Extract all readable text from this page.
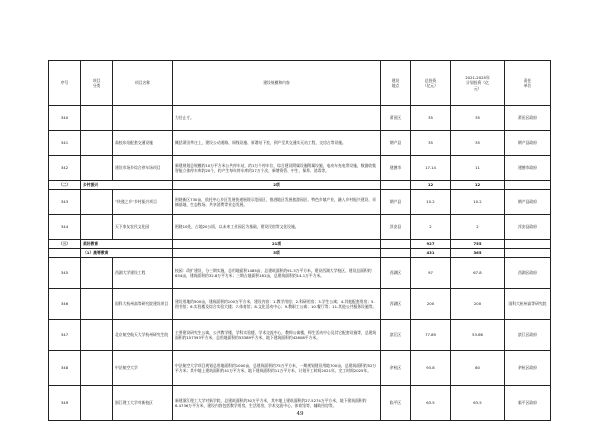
序号	项目
分类	项目名称	建设规模和内容	建设
地点	总投资
（亿元）	2021-2025年
计划投资（亿
元）	责任
单位
340			力任止寸。	莆田区	35	35	莆田区政府
341		高校东站配套交通设施	概括莆田莘庄上，建设公动道路、网线设施、原谱站下室，到产至其交通实无站工程，交房占等设施。	钢产县	35	35	钢产县政府
342		建设市场乡综合停车场项目	新建规划总规模约10万平方米公共停车站，约1万个停车位，综合建设附属设施附属设施，电动车充电等设施，数据收集智能立体停车库约20个，约产生每年停车库约27万个次，新增资管、中生、保养、消毒等。	建德市	17.14	11	建德市政府
（二）	乡村振兴		2项		12	12	
343		“快递之乡”乡村振兴项目	围绕新区730亩，依托中心乡区发展快递展现示范园区，推进地区发展旅游园区、特色乡镇产业，融入乡村振兴建设、采摘基地、生态牧场、共享消费等业态发展。	钢产县	10.2	10.2	钢产县政府
344		天下家友农民文化园	围绕10处，占地20公顷，以未来工业园区为基础，建设民宿等文化设施。	淳安县	2	2	淳安县政府
（三）	美好教育		21项		927	755	
	（1）高等教育		5项		431	365	
345		西湖大学建设工程	校园：改扩建设，分三期实施，总用地面积1485亩，总建筑面积约91.3万平方米，建设西湖大学校区，建设总面积约634亩，建筑面积约32.8万平方米；三期占地面积181亩，总建筑面积约14.1万平方米。	西湖区	97	67.8	西湖区政府
346		国科大杭州高等研究院建设项目	建设用地约500亩，建筑面积约100万平方米，建设内容：1.教学用房；2.科研用房；3.学生公寓；4.其他配套用房；5.图书馆；6.实验楼及综合实验大楼；7.体育馆；8.文化活动中心；9.教职工公寓；10.餐厅等；11.其他公共服务设施等。	西湖区	200	200	国科大杭州高等研究院
347		北京航空航天大学杭州研究生院	主要建设研究生公寓，公共教学楼，学科实验楼，学术交流中心，教师公寓楼，师生活动中心及其它配套设施等，总建筑面积约157393平方米，总用地面积约53389平方米，地下建筑面积约42608平方米。	滨江区	77.89	53.66	滨江区政府
348		中法航空大学	中法航空大学项目规划总用地面积约1000亩，总建筑面积约75万平方米，一期规划建设用地700亩，总建筑面积约52万平方米；其中地上建筑面积约41万平方米，地下建筑面积约11万平方米，计划开工时间2021年，完工时间2025年。	余杭区	93.8	80	余杭区政府
349		浙江理工大学对新校区	新建浙江理工大学对新学院，总建筑面积约30万平方米，其中地上建筑面积约27.5274万平方米，地下建筑面积约6.4736万平方米，建设内容包括教学用房，生活用房，学术交流中心，体育馆等，辅助用房等。	临平区	63.5	63.5	临平区政府
49
